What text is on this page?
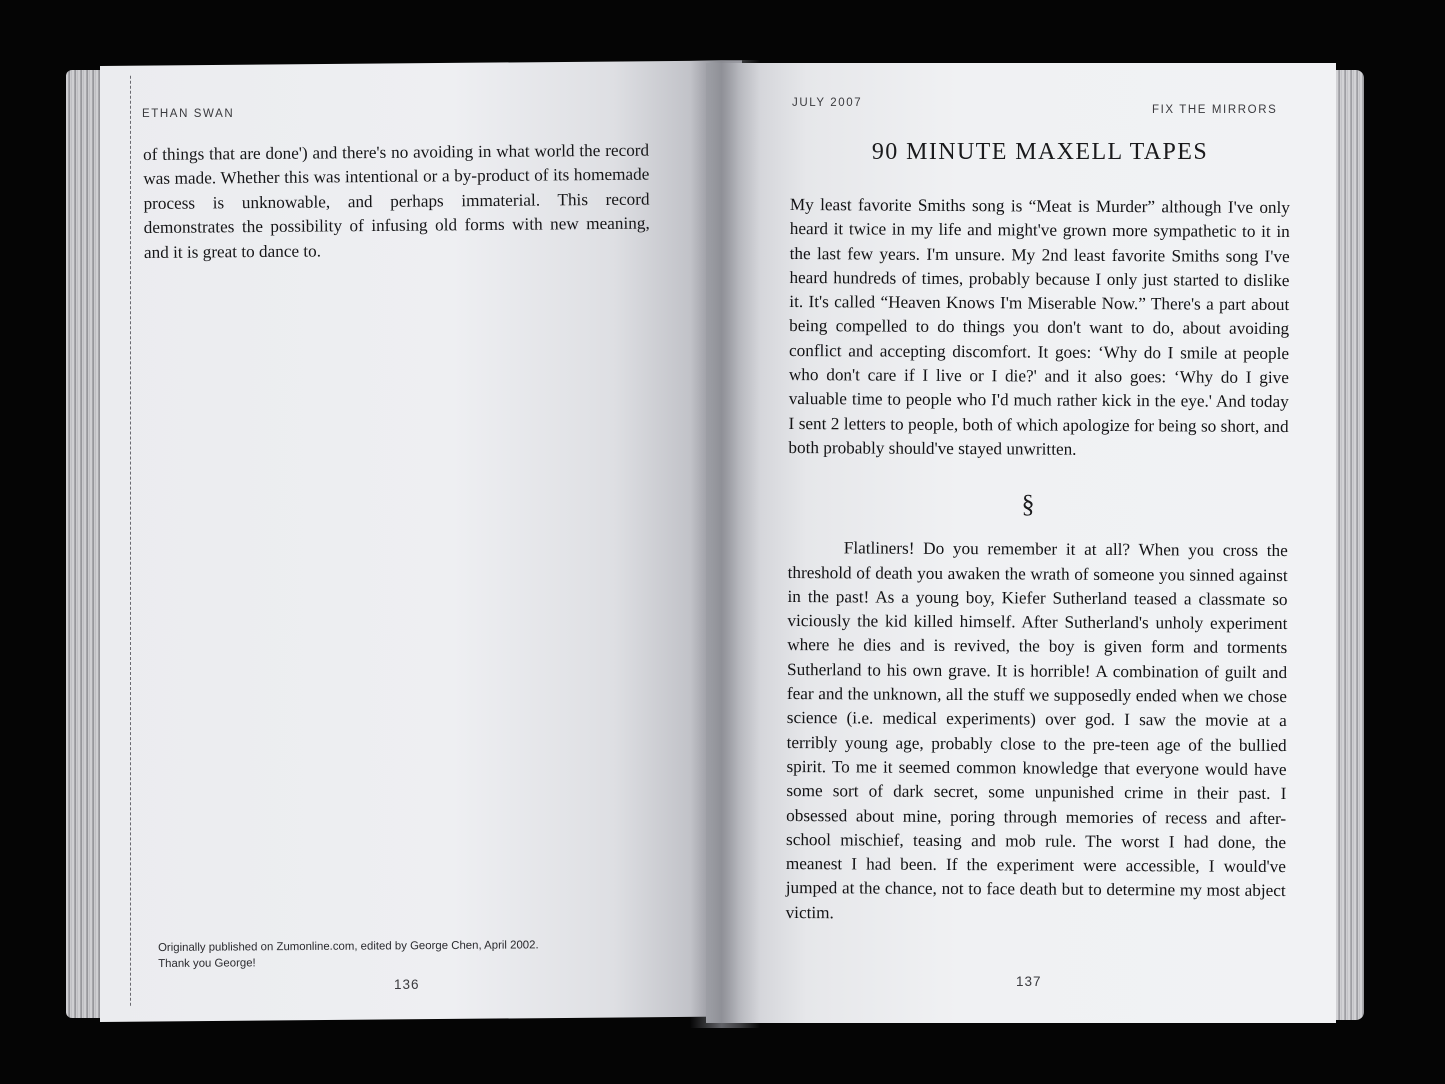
ETHAN SWAN

of things that are done') and there's no avoiding in what world the record was made. Whether this was intentional or a by-product of its homemade process is unknowable, and perhaps immaterial. This record demonstrates the possibility of infusing old forms with new meaning, and it is great to dance to.

Originally published on Zumonline.com, edited by George Chen, April 2002.

Thank you George!

136
JULY 2007
FIX THE MIRRORS
90 MINUTE MAXELL TAPES

My least favorite Smiths song is “Meat is Murder” although I've only heard it twice in my life and might've grown more sympathetic to it in the last few years. I'm unsure. My 2nd least favorite Smiths song I've heard hundreds of times, probably because I only just started to dislike it. It's called “Heaven Knows I'm Miserable Now.” There's a part about being compelled to do things you don't want to do, about avoiding conflict and accepting discomfort. It goes: ‘Why do I smile at people who don't care if I live or I die?' and it also goes: ‘Why do I give valuable time to people who I'd much rather kick in the eye.' And today I sent 2 letters to people, both of which apologize for being so short, and both probably should've stayed unwritten.

§

Flatliners! Do you remember it at all? When you cross the threshold of death you awaken the wrath of someone you sinned against in the past! As a young boy, Kiefer Sutherland teased a classmate so viciously the kid killed himself. After Sutherland's unholy experiment where he dies and is revived, the boy is given form and torments Sutherland to his own grave. It is horrible! A combination of guilt and fear and the unknown, all the stuff we supposedly ended when we chose science (i.e. medical experiments) over god. I saw the movie at a terribly young age, probably close to the pre-teen age of the bullied spirit. To me it seemed common knowledge that everyone would have some sort of dark secret, some unpunished crime in their past. I obsessed about mine, poring through memories of recess and after-school mischief, teasing and mob rule. The worst I had done, the meanest I had been. If the experiment were accessible, I would've jumped at the chance, not to face death but to determine my most abject victim.

137
